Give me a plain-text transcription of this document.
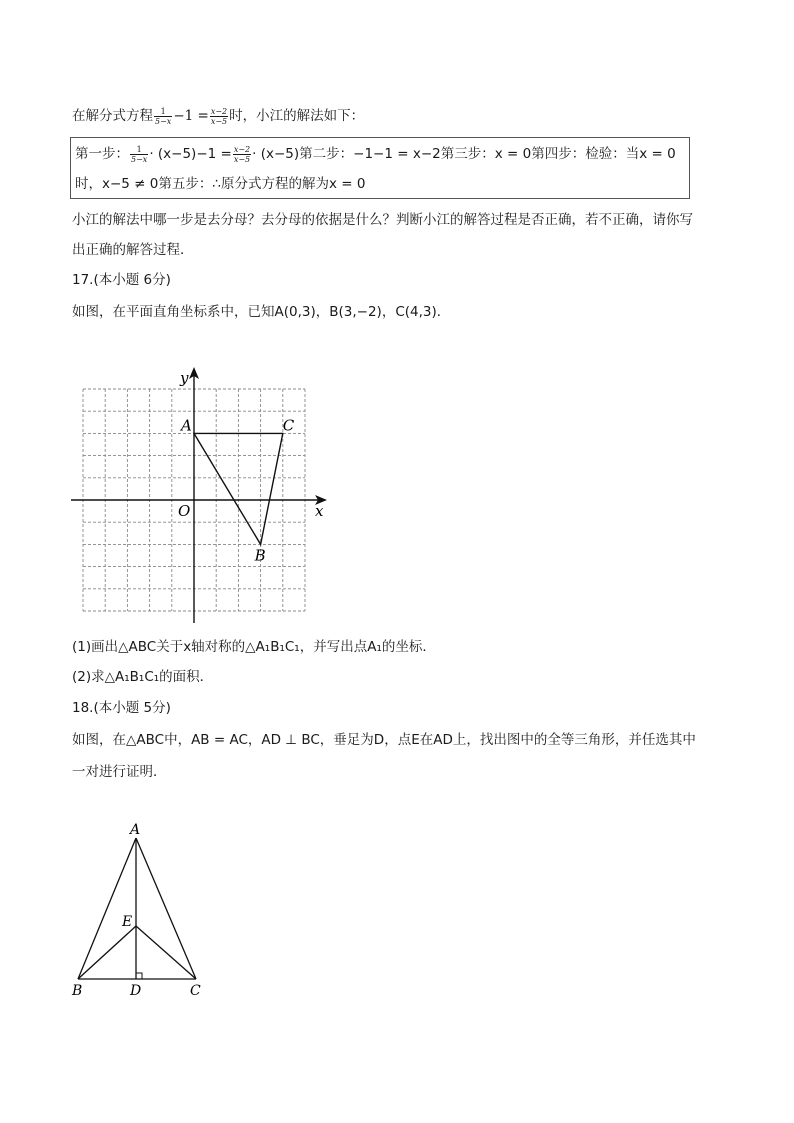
在解分式方程 $\frac{1}{5-x} -1 = \frac{x-2}{x-5}$ 时，小江的解法如下：
第一步： $\frac{1}{5-x} \cdot (x-5)-1 = \frac{x-2}{x-5} \cdot (x-5)$第二步：−1−1 = x−2第三步：x = 0第四步：检验：当x = 0
时，x−5 ≠ 0第五步：∴原分式方程的解为x = 0
小江的解法中哪一步是去分母？去分母的依据是什么？判断小江的解答过程是否正确，若不正确，请你写
出正确的解答过程．
17.(本小题 6分)
如图，在平面直角坐标系中，已知A(0,3)，B(3,−2)，C(4,3)．
x
y
O
A
B
C
(1)画出△ABC关于x轴对称的△A₁B₁C₁，并写出点A₁的坐标．
(2)求△A₁B₁C₁的面积．
18.(本小题 5分)
如图，在△ABC中，AB = AC，AD ⊥ BC，垂足为D，点E在AD上，找出图中的全等三角形，并任选其中
一对进行证明．
A
B	C
D
E
